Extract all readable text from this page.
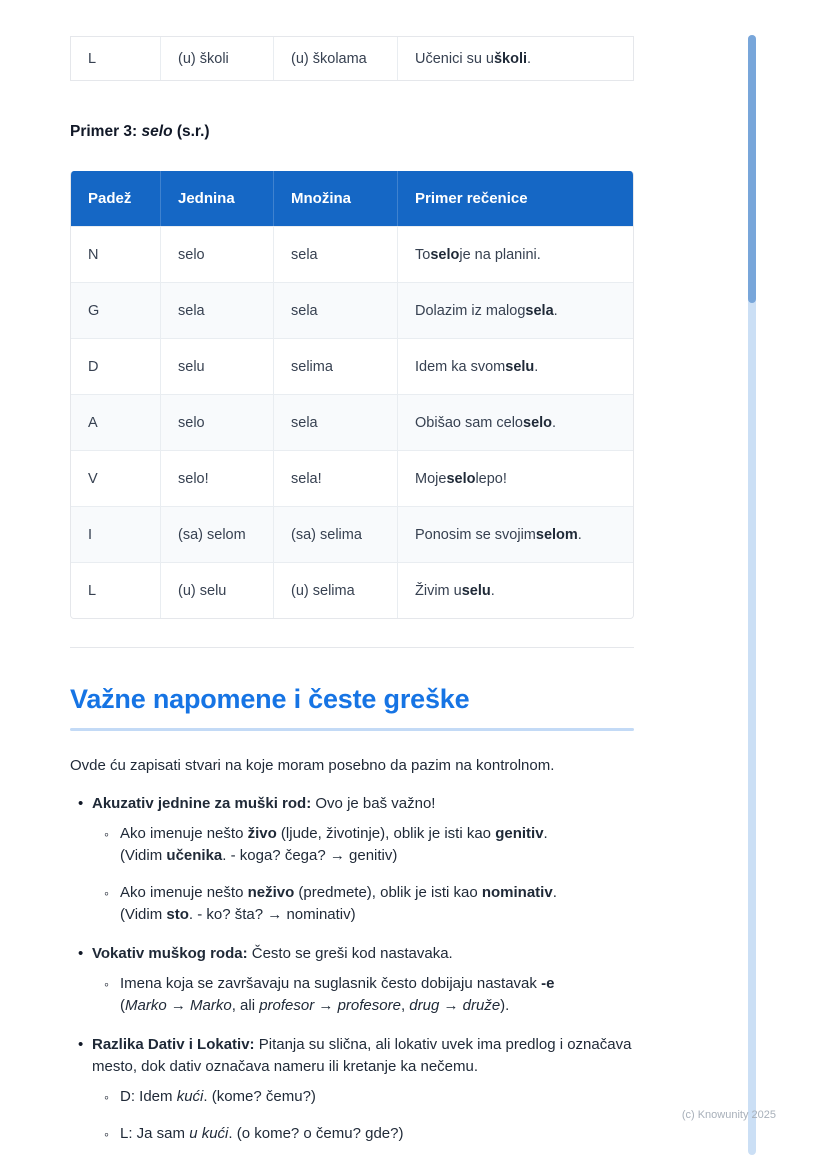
L	(u) školi	(u) školama	Učenici su u školi .
Primer 3: selo (s.r.)
Padež	Jednina	Množina	Primer rečenice
N	selo	sela	To selo je na planini.
G	sela	sela	Dolazim iz malog sela .
D	selu	selima	Idem ka svom selu .
A	selo	sela	Obišao sam celo selo .
V	selo!	sela!	Moje selo lepo!
I	(sa) selom	(sa) selima	Ponosim se svojim selom .
L	(u) selu	(u) selima	Živim u selu .
Važne napomene i česte greške

Ovde ću zapisati stvari na koje moram posebno da pazim na kontrolnom.

• Akuzativ jednine za muški rod: Ovo je baš važno!
◦ Ako imenuje nešto živo (ljude, životinje), oblik je isti kao genitiv.
(Vidim učenika. - koga? čega? → genitiv)
◦ Ako imenuje nešto neživo (predmete), oblik je isti kao nominativ.
(Vidim sto. - ko? šta? → nominativ)
• Vokativ muškog roda: Često se greši kod nastavaka.
◦ Imena koja se završavaju na suglasnik često dobijaju nastavak -e
(Marko → Marko, ali profesor → profesore, drug → druže).
• Razlika Dativ i Lokativ: Pitanja su slična, ali lokativ uvek ima predlog i označava mesto, dok dativ označava nameru ili kretanje ka nečemu.
◦ D: Idem kući. (kome? čemu?)
◦ L: Ja sam u kući. (o kome? o čemu? gde?)
(c) Knowunity 2025
